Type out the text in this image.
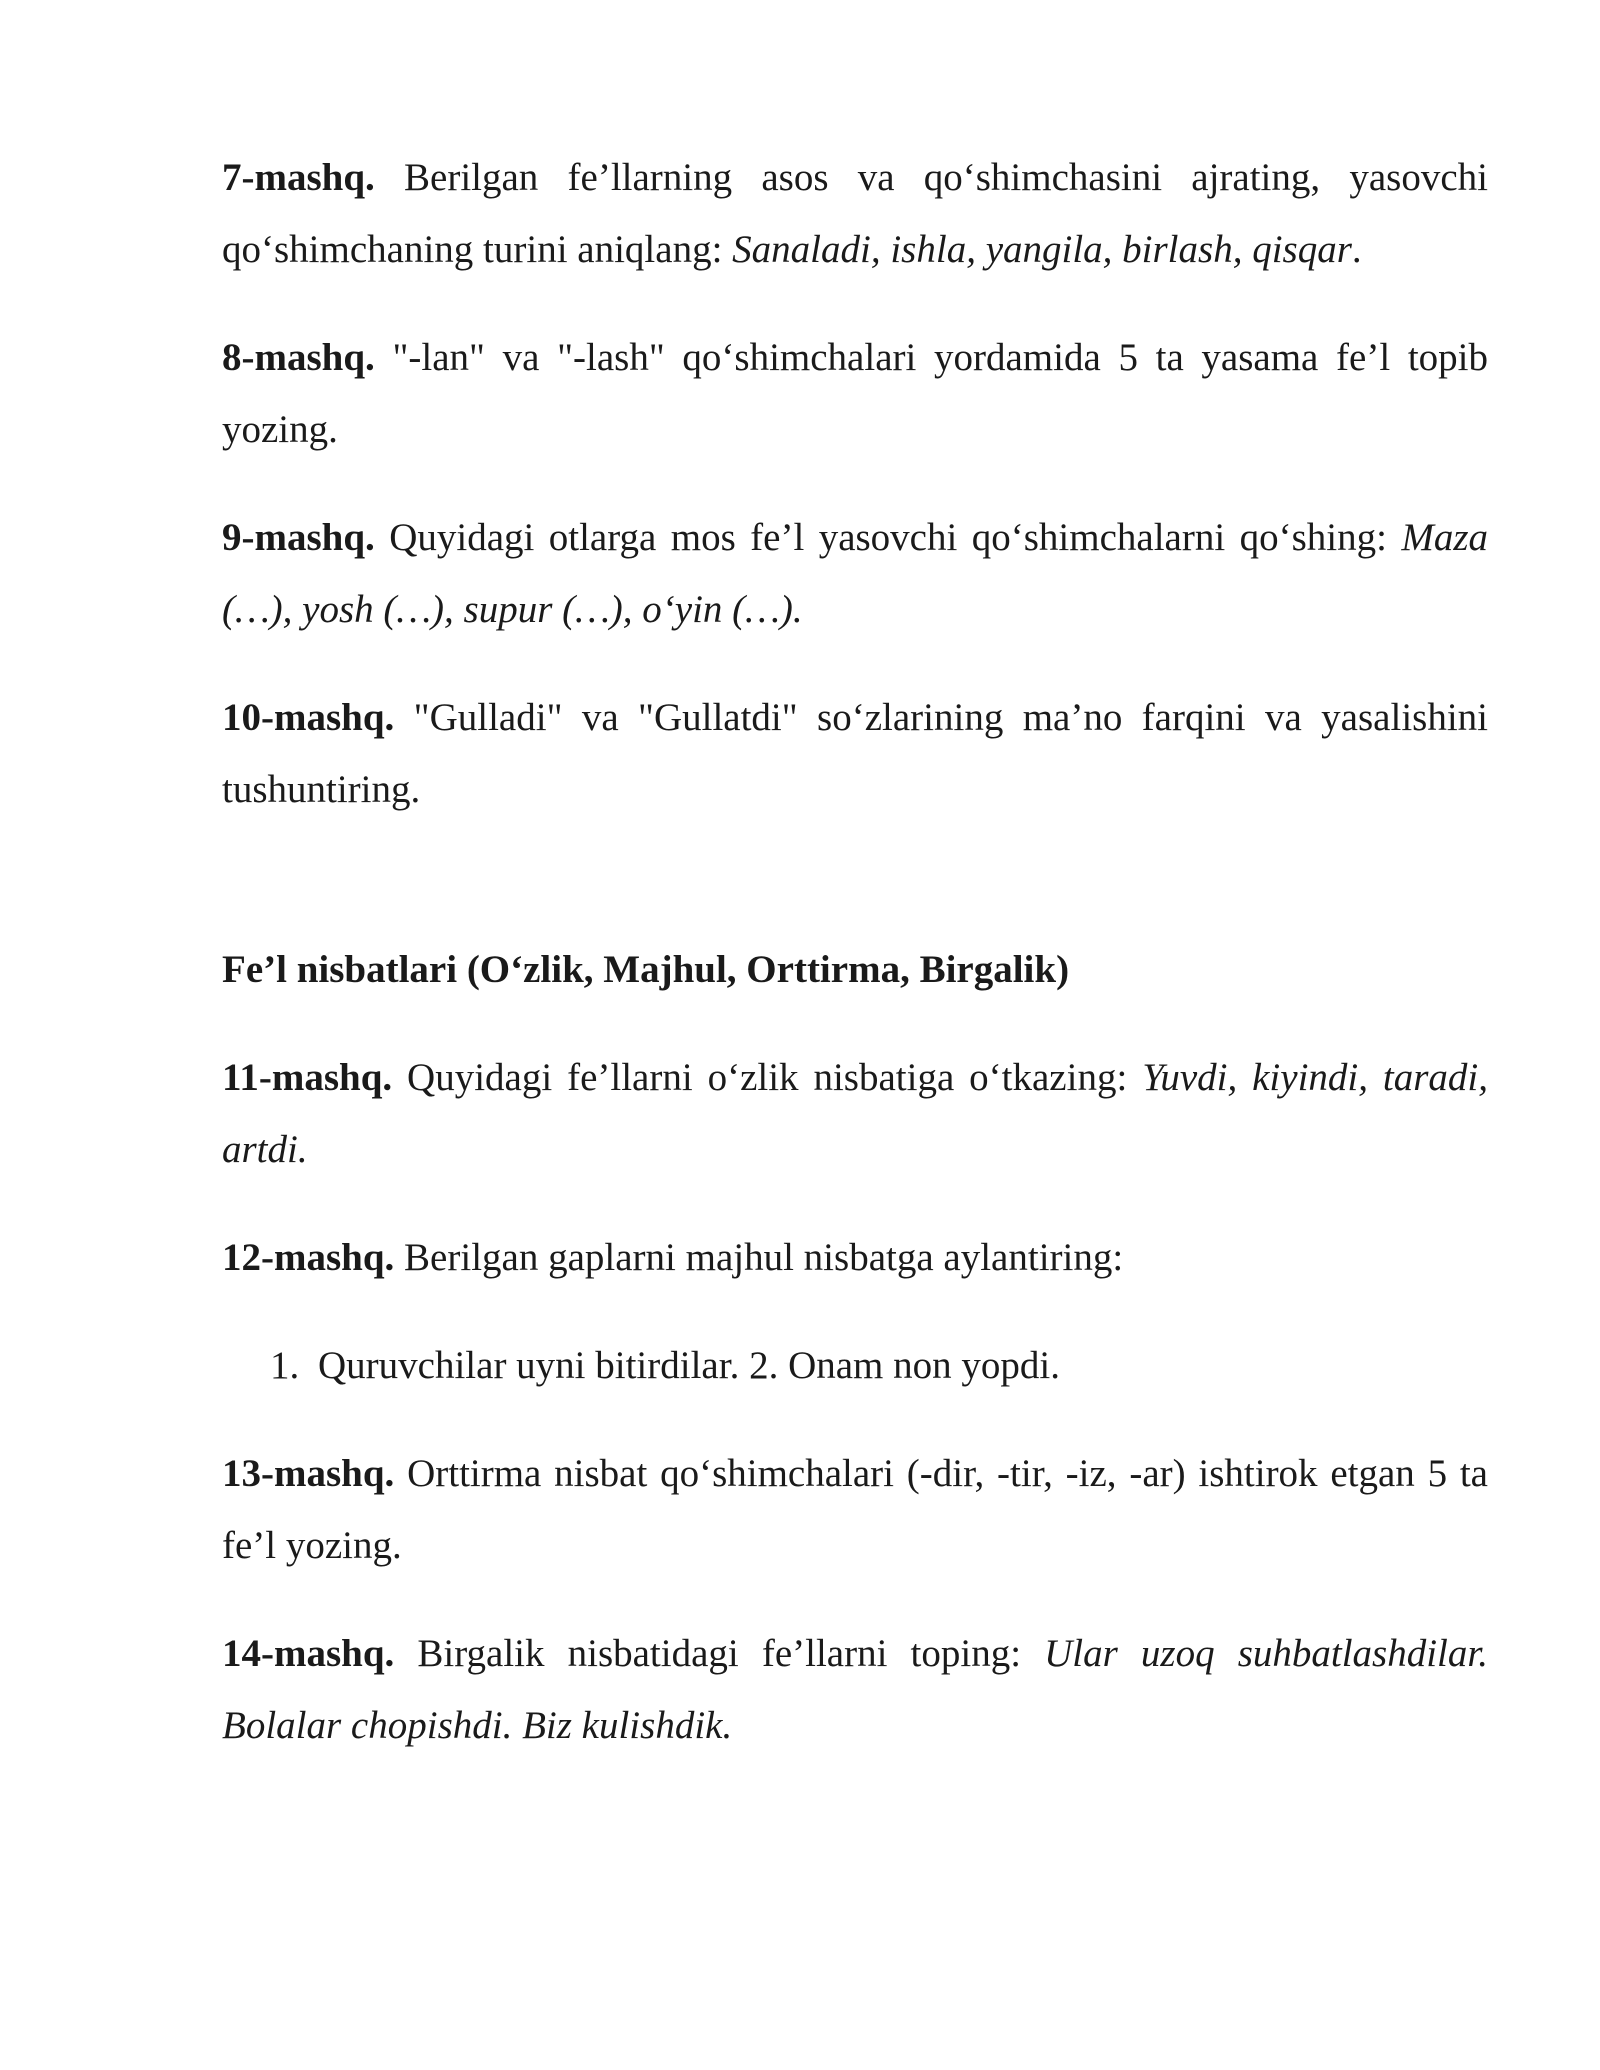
7-mashq. Berilgan fe’llarning asos va qo‘shimchasini ajrating, yasovchi qo‘shimchaning turini aniqlang: Sanaladi, ishla, yangila, birlash, qisqar.

8-mashq. "-lan" va "-lash" qo‘shimchalari yordamida 5 ta yasama fe’l topib yozing.

9-mashq. Quyidagi otlarga mos fe’l yasovchi qo‘shimchalarni qo‘shing: Maza (…), yosh (…), supur (…), o‘yin (…).

10-mashq. "Gulladi" va "Gullatdi" so‘zlarining ma’no farqini va yasalishini tushuntiring.

Fe’l nisbatlari (O‘zlik, Majhul, Orttirma, Birgalik)

11-mashq. Quyidagi fe’llarni o‘zlik nisbatiga o‘tkazing: Yuvdi, kiyindi, taradi, artdi.

12-mashq. Berilgan gaplarni majhul nisbatga aylantiring:

1. Quruvchilar uyni bitirdilar. 2. Onam non yopdi.

13-mashq. Orttirma nisbat qo‘shimchalari (-dir, -tir, -iz, -ar) ishtirok etgan 5 ta fe’l yozing.

14-mashq. Birgalik nisbatidagi fe’llarni toping: Ular uzoq suhbatlashdilar. Bolalar chopishdi. Biz kulishdik.
